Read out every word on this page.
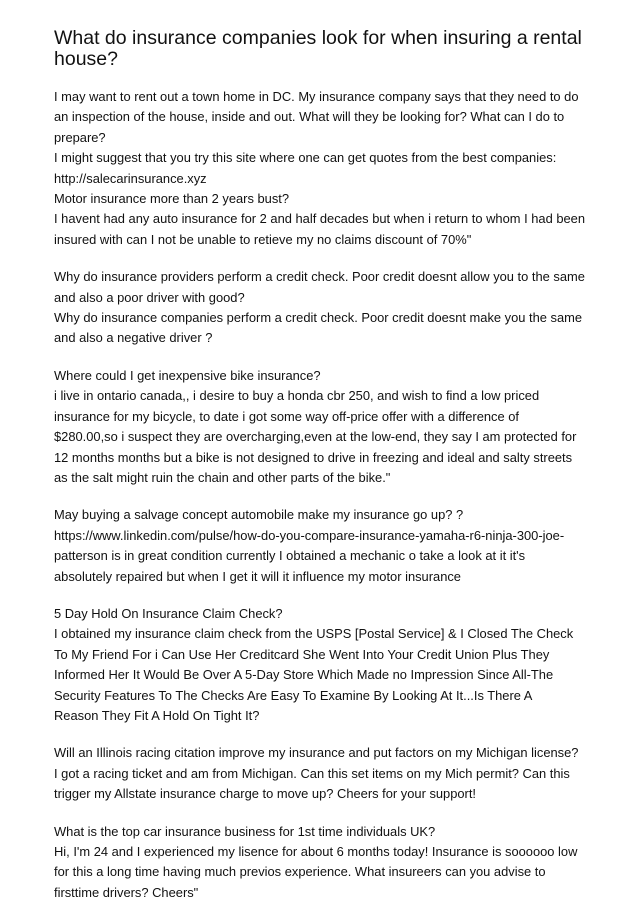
What do insurance companies look for when insuring a rental
house?
I may want to rent out a town home in DC. My insurance company says that they need to do
an inspection of the house, inside and out. What will they be looking for? What can I do to
prepare?
I might suggest that you try this site where one can get quotes from the best companies:
http://salecarinsurance.xyz
Motor insurance more than 2 years bust?
I havent had any auto insurance for 2 and half decades but when i return to whom I had been
insured with can I not be unable to retieve my no claims discount of 70%"
Why do insurance providers perform a credit check. Poor credit doesnt allow you to the same
and also a poor driver with good?
Why do insurance companies perform a credit check. Poor credit doesnt make you the same
and also a negative driver ?
Where could I get inexpensive bike insurance?
i live in ontario canada,, i desire to buy a honda cbr 250, and wish to find a low priced
insurance for my bicycle, to date i got some way off-price offer with a difference of
$280.00,so i suspect they are overcharging,even at the low-end, they say I am protected for
12 months months but a bike is not designed to drive in freezing and ideal and salty streets
as the salt might ruin the chain and other parts of the bike."
May buying a salvage concept automobile make my insurance go up? ?
https://www.linkedin.com/pulse/how-do-you-compare-insurance-yamaha-r6-ninja-300-joe-
patterson is in great condition currently I obtained a mechanic o take a look at it it's
absolutely repaired but when I get it will it influence my motor insurance
5 Day Hold On Insurance Claim Check?
I obtained my insurance claim check from the USPS [Postal Service] & I Closed The Check
To My Friend For i Can Use Her Creditcard She Went Into Your Credit Union Plus They
Informed Her It Would Be Over A 5-Day Store Which Made no Impression Since All-The
Security Features To The Checks Are Easy To Examine By Looking At It...Is There A
Reason They Fit A Hold On Tight It?
Will an Illinois racing citation improve my insurance and put factors on my Michigan license?
I got a racing ticket and am from Michigan. Can this set items on my Mich permit? Can this
trigger my Allstate insurance charge to move up? Cheers for your support!
What is the top car insurance business for 1st time individuals UK?
Hi, I'm 24 and I experienced my lisence for about 6 months today! Insurance is soooooo low
for this a long time having much previos experience. What insureers can you advise to
firsttime drivers? Cheers"
